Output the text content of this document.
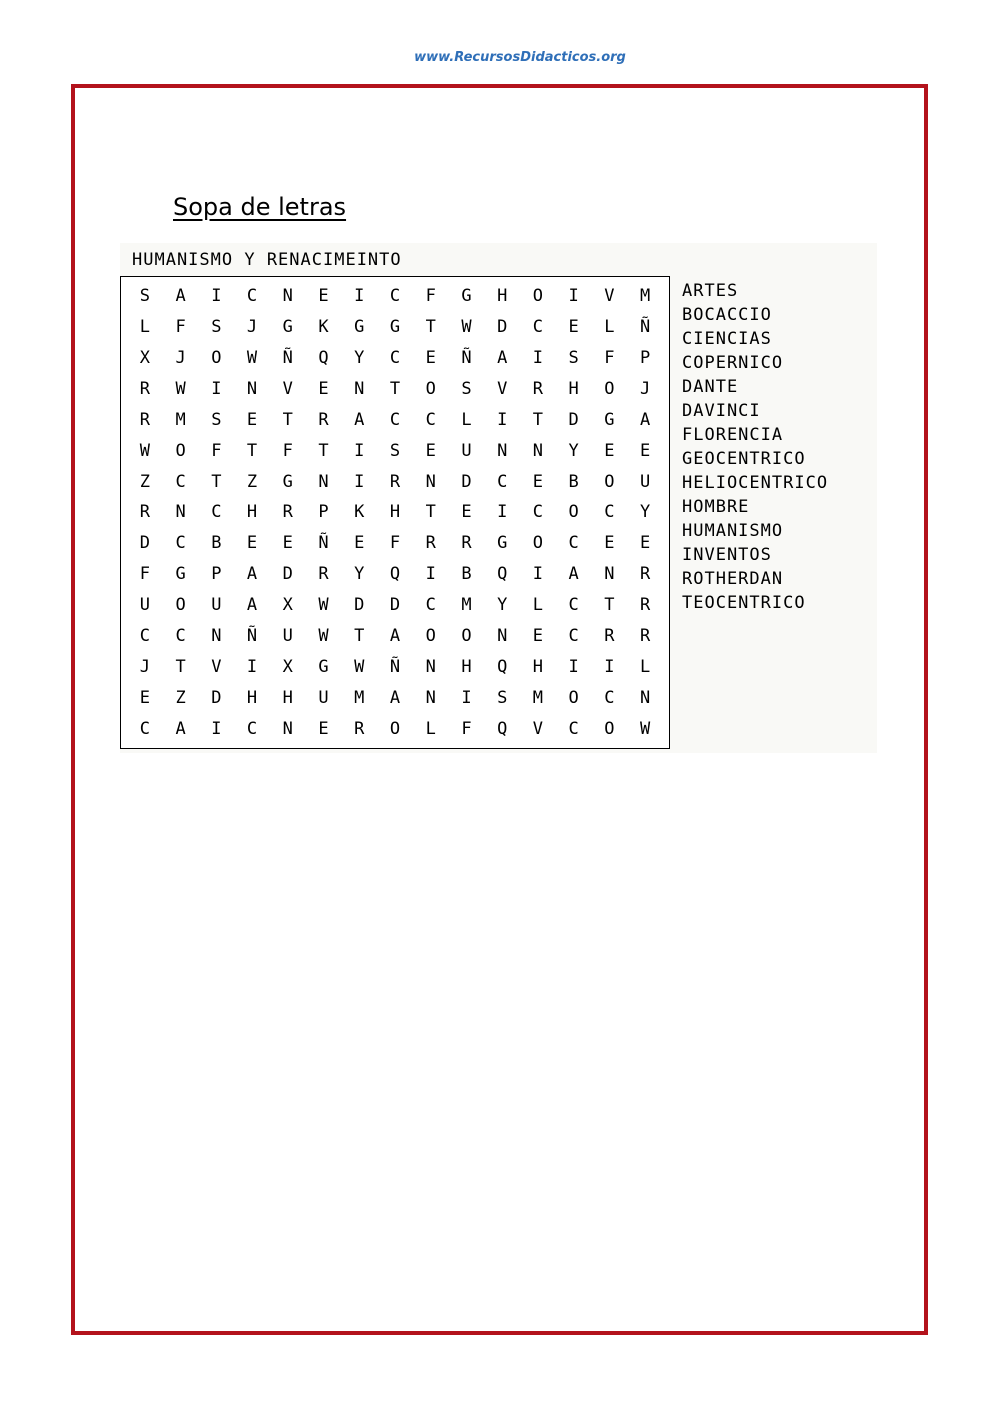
www.RecursosDidacticos.org
Sopa de letras
HUMANISMO Y RENACIMEINTO
S	A	I	C	N	E	I	C	F	G	H	O	I	V	M
L	F	S	J	G	K	G	G	T	W	D	C	E	L	Ñ
X	J	O	W	Ñ	Q	Y	C	E	Ñ	A	I	S	F	P
R	W	I	N	V	E	N	T	O	S	V	R	H	O	J
R	M	S	E	T	R	A	C	C	L	I	T	D	G	A
W	O	F	T	F	T	I	S	E	U	N	N	Y	E	E
Z	C	T	Z	G	N	I	R	N	D	C	E	B	O	U
R	N	C	H	R	P	K	H	T	E	I	C	O	C	Y
D	C	B	E	E	Ñ	E	F	R	R	G	O	C	E	E
F	G	P	A	D	R	Y	Q	I	B	Q	I	A	N	R
U	O	U	A	X	W	D	D	C	M	Y	L	C	T	R
C	C	N	Ñ	U	W	T	A	O	O	N	E	C	R	R
J	T	V	I	X	G	W	Ñ	N	H	Q	H	I	I	L
E	Z	D	H	H	U	M	A	N	I	S	M	O	C	N
C	A	I	C	N	E	R	O	L	F	Q	V	C	O	W
ARTES
BOCACCIO
CIENCIAS
COPERNICO
DANTE
DAVINCI
FLORENCIA
GEOCENTRICO
HELIOCENTRICO
HOMBRE
HUMANISMO
INVENTOS
ROTHERDAN
TEOCENTRICO
